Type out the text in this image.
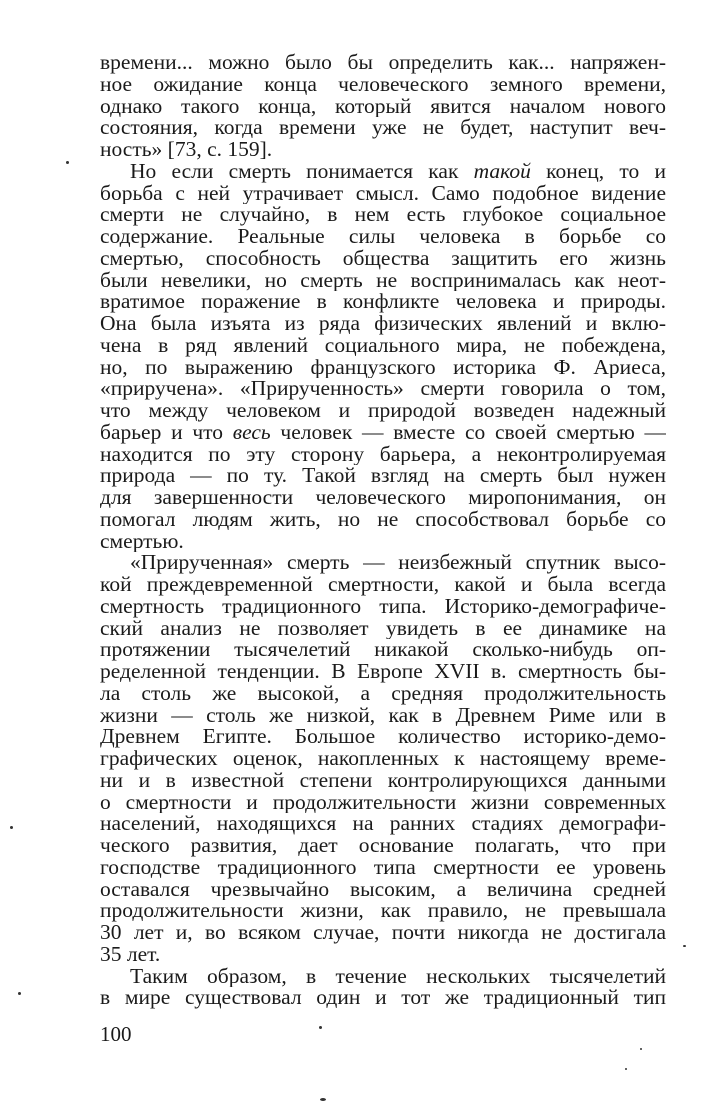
времени... можно было бы определить как... напряжен-
ное ожидание конца человеческого земного времени,
однако такого конца, который явится началом нового
состояния, когда времени уже не будет, наступит веч-
ность» [73, с. 159].
Но если смерть понимается как такой конец, то и
борьба с ней утрачивает смысл. Само подобное видение
смерти не случайно, в нем есть глубокое социальное
содержание. Реальные силы человека в борьбе со
смертью, способность общества защитить его жизнь
были невелики, но смерть не воспринималась как неот-
вратимое поражение в конфликте человека и природы.
Она была изъята из ряда физических явлений и вклю-
чена в ряд явлений социального мира, не побеждена,
но, по выражению французского историка Ф. Ариеса,
«приручена». «Прирученность» смерти говорила о том,
что между человеком и природой возведен надежный
барьер и что весь человек — вместе со своей смертью —
находится по эту сторону барьера, а неконтролируемая
природа — по ту. Такой взгляд на смерть был нужен
для завершенности человеческого миропонимания, он
помогал людям жить, но не способствовал борьбе со
смертью.
«Прирученная» смерть — неизбежный спутник высо-
кой преждевременной смертности, какой и была всегда
смертность традиционного типа. Историко-демографиче-
ский анализ не позволяет увидеть в ее динамике на
протяжении тысячелетий никакой сколько-нибудь оп-
ределенной тенденции. В Европе XVII в. смертность бы-
ла столь же высокой, а средняя продолжительность
жизни — столь же низкой, как в Древнем Риме или в
Древнем Египте. Большое количество историко-демо-
графических оценок, накопленных к настоящему време-
ни и в известной степени контролирующихся данными
о смертности и продолжительности жизни современных
населений, находящихся на ранних стадиях демографи-
ческого развития, дает основание полагать, что при
господстве традиционного типа смертности ее уровень
оставался чрезвычайно высоким, а величина средней
продолжительности жизни, как правило, не превышала
30 лет и, во всяком случае, почти никогда не достигала
35 лет.
Таким образом, в течение нескольких тысячелетий
в мире существовал один и тот же традиционный тип
100
